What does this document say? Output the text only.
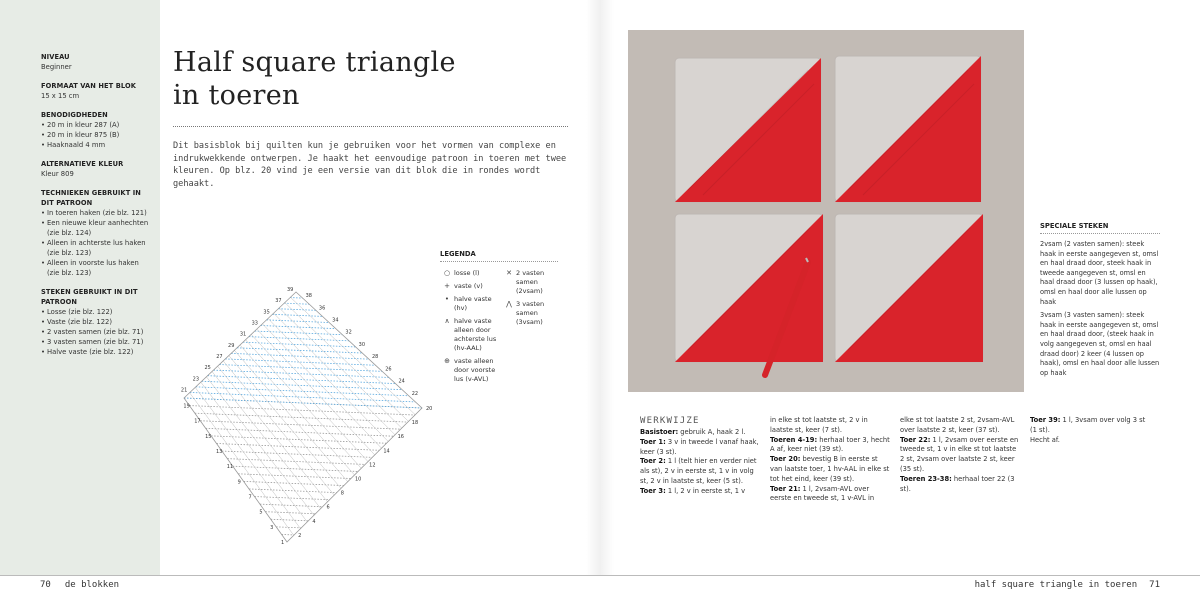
NIVEAU
Beginner
FORMAAT VAN HET BLOK
15 x 15 cm
BENODIGDHEDEN
• 20 m in kleur 287 (A)
• 20 m in kleur 875 (B)
• Haaknaald 4 mm
ALTERNATIEVE KLEUR
Kleur 809
TECHNIEKEN GEBRUIKT IN DIT PATROON
• In toeren haken (zie blz. 121)
• Een nieuwe kleur aanhechten (zie blz. 124)
• Alleen in achterste lus haken (zie blz. 123)
• Alleen in voorste lus haken (zie blz. 123)
STEKEN GEBRUIKT IN DIT PATROON
• Losse (zie blz. 122)
• Vaste (zie blz. 122)
• 2 vasten samen (zie blz. 71)
• 3 vasten samen (zie blz. 71)
• Halve vaste (zie blz. 122)
Half square triangle
in toeren

Dit basisblok bij quilten kun je gebruiken voor het vormen van complexe en indrukwekkende ontwerpen. Je haakt het eenvoudige patroon in toeren met twee kleuren. Op blz. 20 vind je een versie van dit blok die in rondes wordt gehaakt.

1
2
3
4
5
6
7
8
9	10
11	12
13	14
15	16
17	18
19	20
21
22
23	24
25	26
27	28
29	30
31	32
33	34
35
36
37
38
39
LEGENDA
○ losse (l)
+ vaste (v)
• halve vaste (hv)
∧ halve vaste alleen door achterste lus (hv-AAL)
⊕ vaste alleen door voorste lus (v-AVL)
✕ 2 vasten samen (2vsam)
⋀ 3 vasten samen (3vsam)
SPECIALE STEKEN

2vsam (2 vasten samen): steek haak in eerste aangegeven st, omsl en haal draad door, steek haak in tweede aangegeven st, omsl en haal draad door (3 lussen op haak), omsl en haal door alle lussen op haak

3vsam (3 vasten samen): steek haak in eerste aangegeven st, omsl en haal draad door, (steek haak in volg aangegeven st, omsl en haal draad door) 2 keer (4 lussen op haak), omsl en haal door alle lussen op haak

WERKWIJZE

Basistoer: gebruik A, haak 2 l.

Toer 1: 3 v in tweede l vanaf haak, keer (3 st).

Toer 2: 1 l (telt hier en verder niet als st), 2 v in eerste st, 1 v in volg st, 2 v in laatste st, keer (5 st).

Toer 3: 1 l, 2 v in eerste st, 1 v

in elke st tot laatste st, 2 v in laatste st, keer (7 st).

Toeren 4-19: herhaal toer 3, hecht A af, keer niet (39 st).

Toer 20: bevestig B in eerste st van laatste toer, 1 hv-AAL in elke st tot het eind, keer (39 st).

Toer 21: 1 l, 2vsam-AVL over eerste en tweede st, 1 v-AVL in

elke st tot laatste 2 st, 2vsam-AVL over laatste 2 st, keer (37 st).

Toer 22: 1 l, 2vsam over eerste en tweede st, 1 v in elke st tot laatste 2 st, 2vsam over laatste 2 st, keer (35 st).

Toeren 23-38: herhaal toer 22 (3 st).

Toer 39: 1 l, 3vsam over volg 3 st (1 st).

Hecht af.

70 de blokken	half square triangle in toeren 71
